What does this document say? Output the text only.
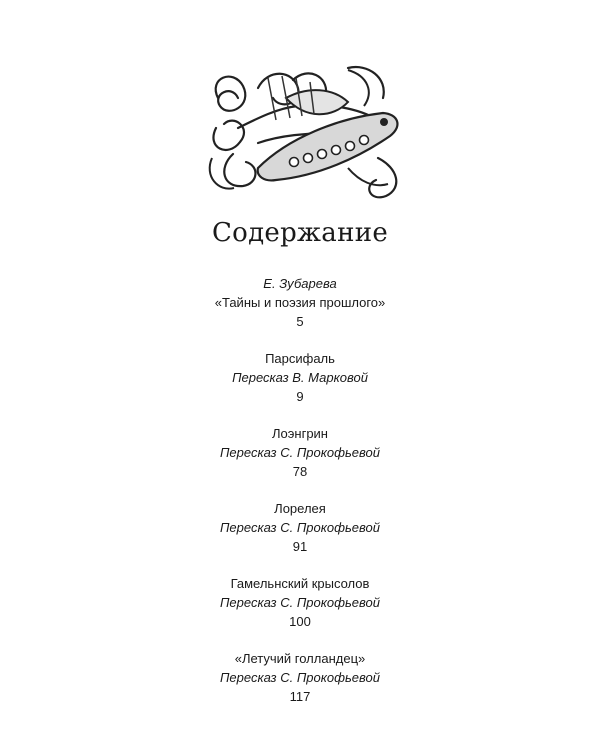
Содержание
Е. Зубарева
«Тайны и поэзия прошлого»
5
Парсифаль
Пересказ В. Марковой
9
Лоэнгрин
Пересказ С. Прокофьевой
78
Лорелея
Пересказ С. Прокофьевой
91
Гамельнский крысолов
Пересказ С. Прокофьевой
100
«Летучий голландец»
Пересказ С. Прокофьевой
117
